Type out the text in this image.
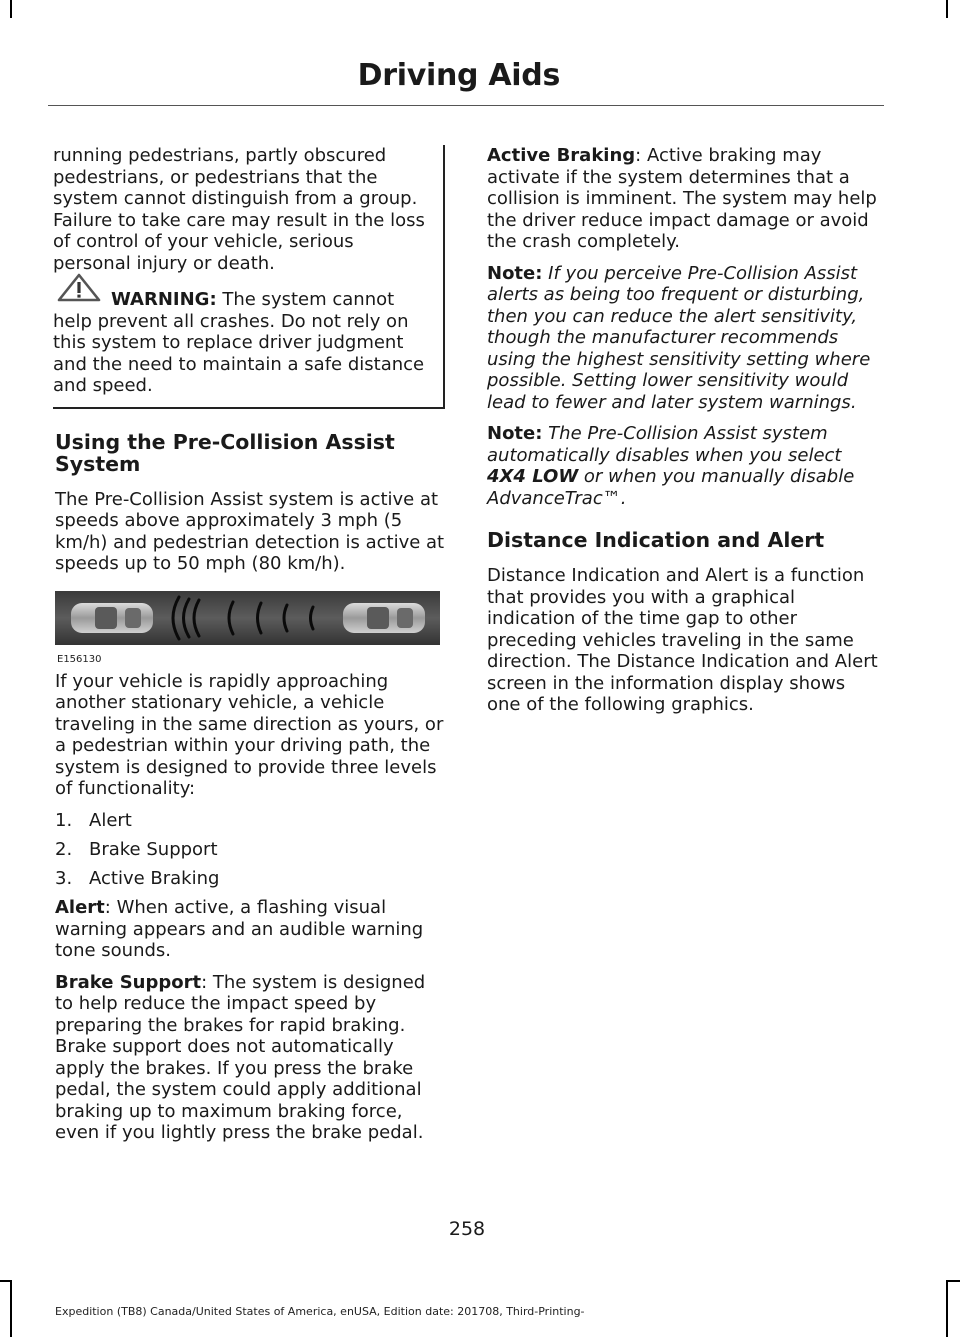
Driving Aids

running pedestrians, partly obscured pedestrians, or pedestrians that the system cannot distinguish from a group. Failure to take care may result in the loss of control of your vehicle, serious personal injury or death.

WARNING: The system cannot help prevent all crashes. Do not rely on this system to replace driver judgment and the need to maintain a safe distance and speed.

Using the Pre-Collision Assist System

The Pre-Collision Assist system is active at speeds above approximately 3 mph (5 km/h) and pedestrian detection is active at speeds up to 50 mph (80 km/h).

E156130

If your vehicle is rapidly approaching another stationary vehicle, a vehicle traveling in the same direction as yours, or a pedestrian within your driving path, the system is designed to provide three levels of functionality:

1. Alert
2. Brake Support
3. Active Braking

Alert: When active, a flashing visual warning appears and an audible warning tone sounds.

Brake Support: The system is designed to help reduce the impact speed by preparing the brakes for rapid braking. Brake support does not automatically apply the brakes. If you press the brake pedal, the system could apply additional braking up to maximum braking force, even if you lightly press the brake pedal.

Active Braking: Active braking may activate if the system determines that a collision is imminent. The system may help the driver reduce impact damage or avoid the crash completely.

Note: If you perceive Pre-Collision Assist alerts as being too frequent or disturbing, then you can reduce the alert sensitivity, though the manufacturer recommends using the highest sensitivity setting where possible. Setting lower sensitivity would lead to fewer and later system warnings.

Note: The Pre-Collision Assist system automatically disables when you select 4X4 LOW or when you manually disable AdvanceTrac™.

Distance Indication and Alert

Distance Indication and Alert is a function that provides you with a graphical indication of the time gap to other preceding vehicles traveling in the same direction. The Distance Indication and Alert screen in the information display shows one of the following graphics.

258
Expedition (TB8) Canada/United States of America, enUSA, Edition date: 201708, Third-Printing-
